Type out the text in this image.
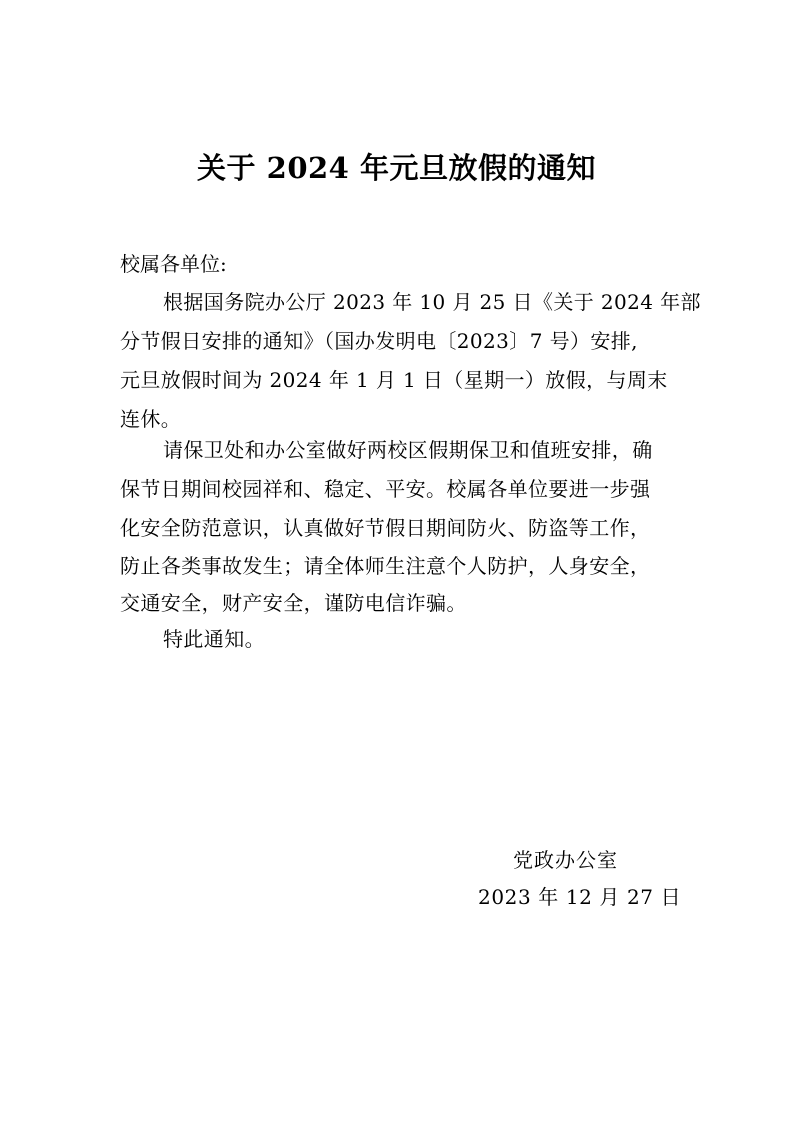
关于 2024 年元旦放假的通知
校属各单位:
根据国务院办公厅 2023 年 10 月 25 日《关于 2024 年部
分节假日安排的通知》（国办发明电〔2023〕7 号）安排,
元旦放假时间为 2024 年 1 月 1 日（星期一）放假，与周末
连休。
请保卫处和办公室做好两校区假期保卫和值班安排，确
保节日期间校园祥和、稳定、平安。校属各单位要进一步强
化安全防范意识，认真做好节假日期间防火、防盗等工作，
防止各类事故发生；请全体师生注意个人防护，人身安全，
交通安全，财产安全，谨防电信诈骗。
特此通知。
党政办公室
2023 年 12 月 27 日
